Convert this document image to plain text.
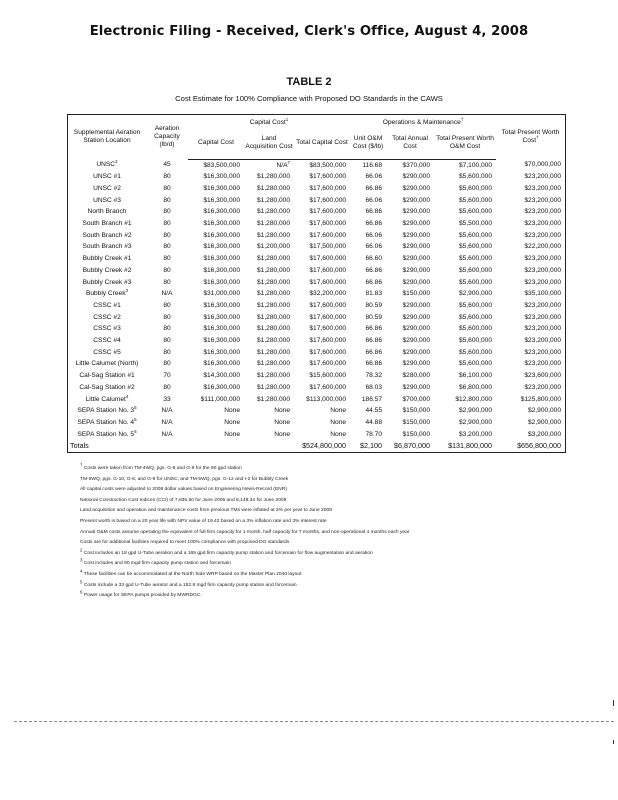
Electronic Filing - Received, Clerk's Office, August 4, 2008
TABLE 2
Cost Estimate for 100% Compliance with Proposed DO Standards in the CAWS
Supplemental Aeration Station Location	Aeration Capacity (lb/d)	Capital Cost$^1$			Operations & Maintenance†			Total Present Worth Cost†
		Capital Cost	Land Acquisition Cost	Total Capital Cost	Unit O&M Cost ($/lb)	Total Annual Cost	Total Present Worth O&M Cost	
UNSC$^2$	45	$83,500,000	$N/A^7$	$83,500,000	116.68	$370,000	$7,100,000	$70,000,000
UNSC #1	80	$16,300,000	$1,280,000	$17,600,000	66.06	$290,000	$5,600,000	$23,200,000
UNSC #2	80	$16,300,000	$1,280,000	$17,600,000	66.86	$290,000	$5,600,000	$23,200,000
UNSC #3	80	$16,300,000	$1,280,000	$17,600,000	66.06	$290,000	$5,600,000	$23,200,000
North Branch	80	$16,300,000	$1,280,000	$17,600,000	66.86	$290,000	$5,600,000	$23,200,000
South Branch #1	80	$16,300,000	$1,280,000	$17,600,000	66.86	$290,000	$5,500,000	$23,200,000
South Branch #2	80	$16,300,000	$1,280,000	$17,600,000	66.06	$290,000	$5,600,000	$23,200,000
South Branch #3	80	$16,300,000	$1,200,000	$17,500,000	66.06	$290,000	$5,600,000	$22,200,000
Bubbly Creek #1	80	$16,300,000	$1,280,000	$17,600,000	66.60	$290,000	$5,600,000	$23,200,000
Bubbly Creek #2	80	$16,300,000	$1,280,000	$17,600,000	66.86	$290,000	$5,600,000	$23,200,000
Bubbly Creek #3	80	$16,300,000	$1,280,000	$17,600,000	66.86	$290,000	$5,600,000	$23,200,000
Bubbly Creek$^3$	N/A	$31,000,000	$1,280,000	$32,200,000	81.83	$150,000	$2,900,000	$35,100,000
CSSC #1	80	$16,300,000	$1,280,000	$17,600,000	80.59	$290,000	$5,600,000	$23,200,000
CSSC #2	80	$16,300,000	$1,280,000	$17,600,000	80.59	$290,000	$5,600,000	$23,200,000
CSSC #3	80	$16,300,000	$1,280,000	$17,600,000	66.86	$290,000	$5,600,000	$23,200,000
CSSC #4	80	$16,300,000	$1,280,000	$17,600,000	66.86	$290,000	$5,600,000	$23,200,000
CSSC #5	80	$16,300,000	$1,280,000	$17,600,000	66.86	$290,000	$5,600,000	$23,200,000
Little Calumet (North)	80	$16,300,000	$1,280,000	$17,600,000	66.86	$290,000	$5,600,000	$23,200,000
Cal-Sag Station #1	70	$14,300,000	$1,280,000	$15,600,000	78.32	$280,000	$6,100,000	$23,600,000
Cal-Sag Station #2	80	$16,300,000	$1,280,000	$17,600,000	68.03	$290,000	$6,800,000	$23,200,000
Little Calumet$^4$	33	$111,000,000	$1,280,000	$113,000,000	186.57	$700,000	$12,800,000	$125,800,000
SEPA Station No. $3^5$	N/A	None	None	None	44.55	$150,000	$2,900,000	$2,900,000
SEPA Station No. $4^5$	N/A	None	None	None	44.88	$150,000	$2,900,000	$2,900,000
SEPA Station No. $5^5$	N/A	None	None	None	78.70	$150,000	$3,200,000	$3,200,000
Totals				$524,800,000	$2,100	$6,870,000	$131,800,000	$656,800,000
† Costs were taken from TM-4WQ, pgs. G-8 and G-9 for the 80 gpd station
TM-5WQ, pgs. G-10, G-8, and G-9 for UNSC, and TM-5WQ, pgs. G-12 and I-2 for Bubbly Creek
All capital costs were adjusted to 2008 dollar values based on Engineering News-Record (ENR)
National Construction Cost Indices (CCI) of 7,835.50 for June 2005 and 8,148.34 for June 2008
Land acquisition and operation and maintenance costs from previous TMs were inflated at 3% per year to June 2008
Present worth is based on a 20 year life with NPV value of 19.42 based on a 3% inflation rate and 3% interest rate
Annual O&M costs assume operating the equivalent of full firm capacity for 1 month, half capacity for 7 months, and non-operational 4 months each year
Costs are for additional facilities required to meet 100% compliance with proposed DO standards
$^2$ Cost includes an 18 gpd U-Tube aeration and a 165 gpd firm capacity pump station and forcemain for flow augmentation and aeration
$^3$ Cost includes and 80 mgd firm capacity pump station and forcemain
$^4$ These facilities can be accommodated at the North Side WRP based on the Master Plan 2040 layout
$^5$ Costs include a 33 gpd U-Tube aerator and a 152.8 mgd firm capacity pump station and forcemain
$^6$ Power usage for SEPA pumps provided by MWRDGC.
